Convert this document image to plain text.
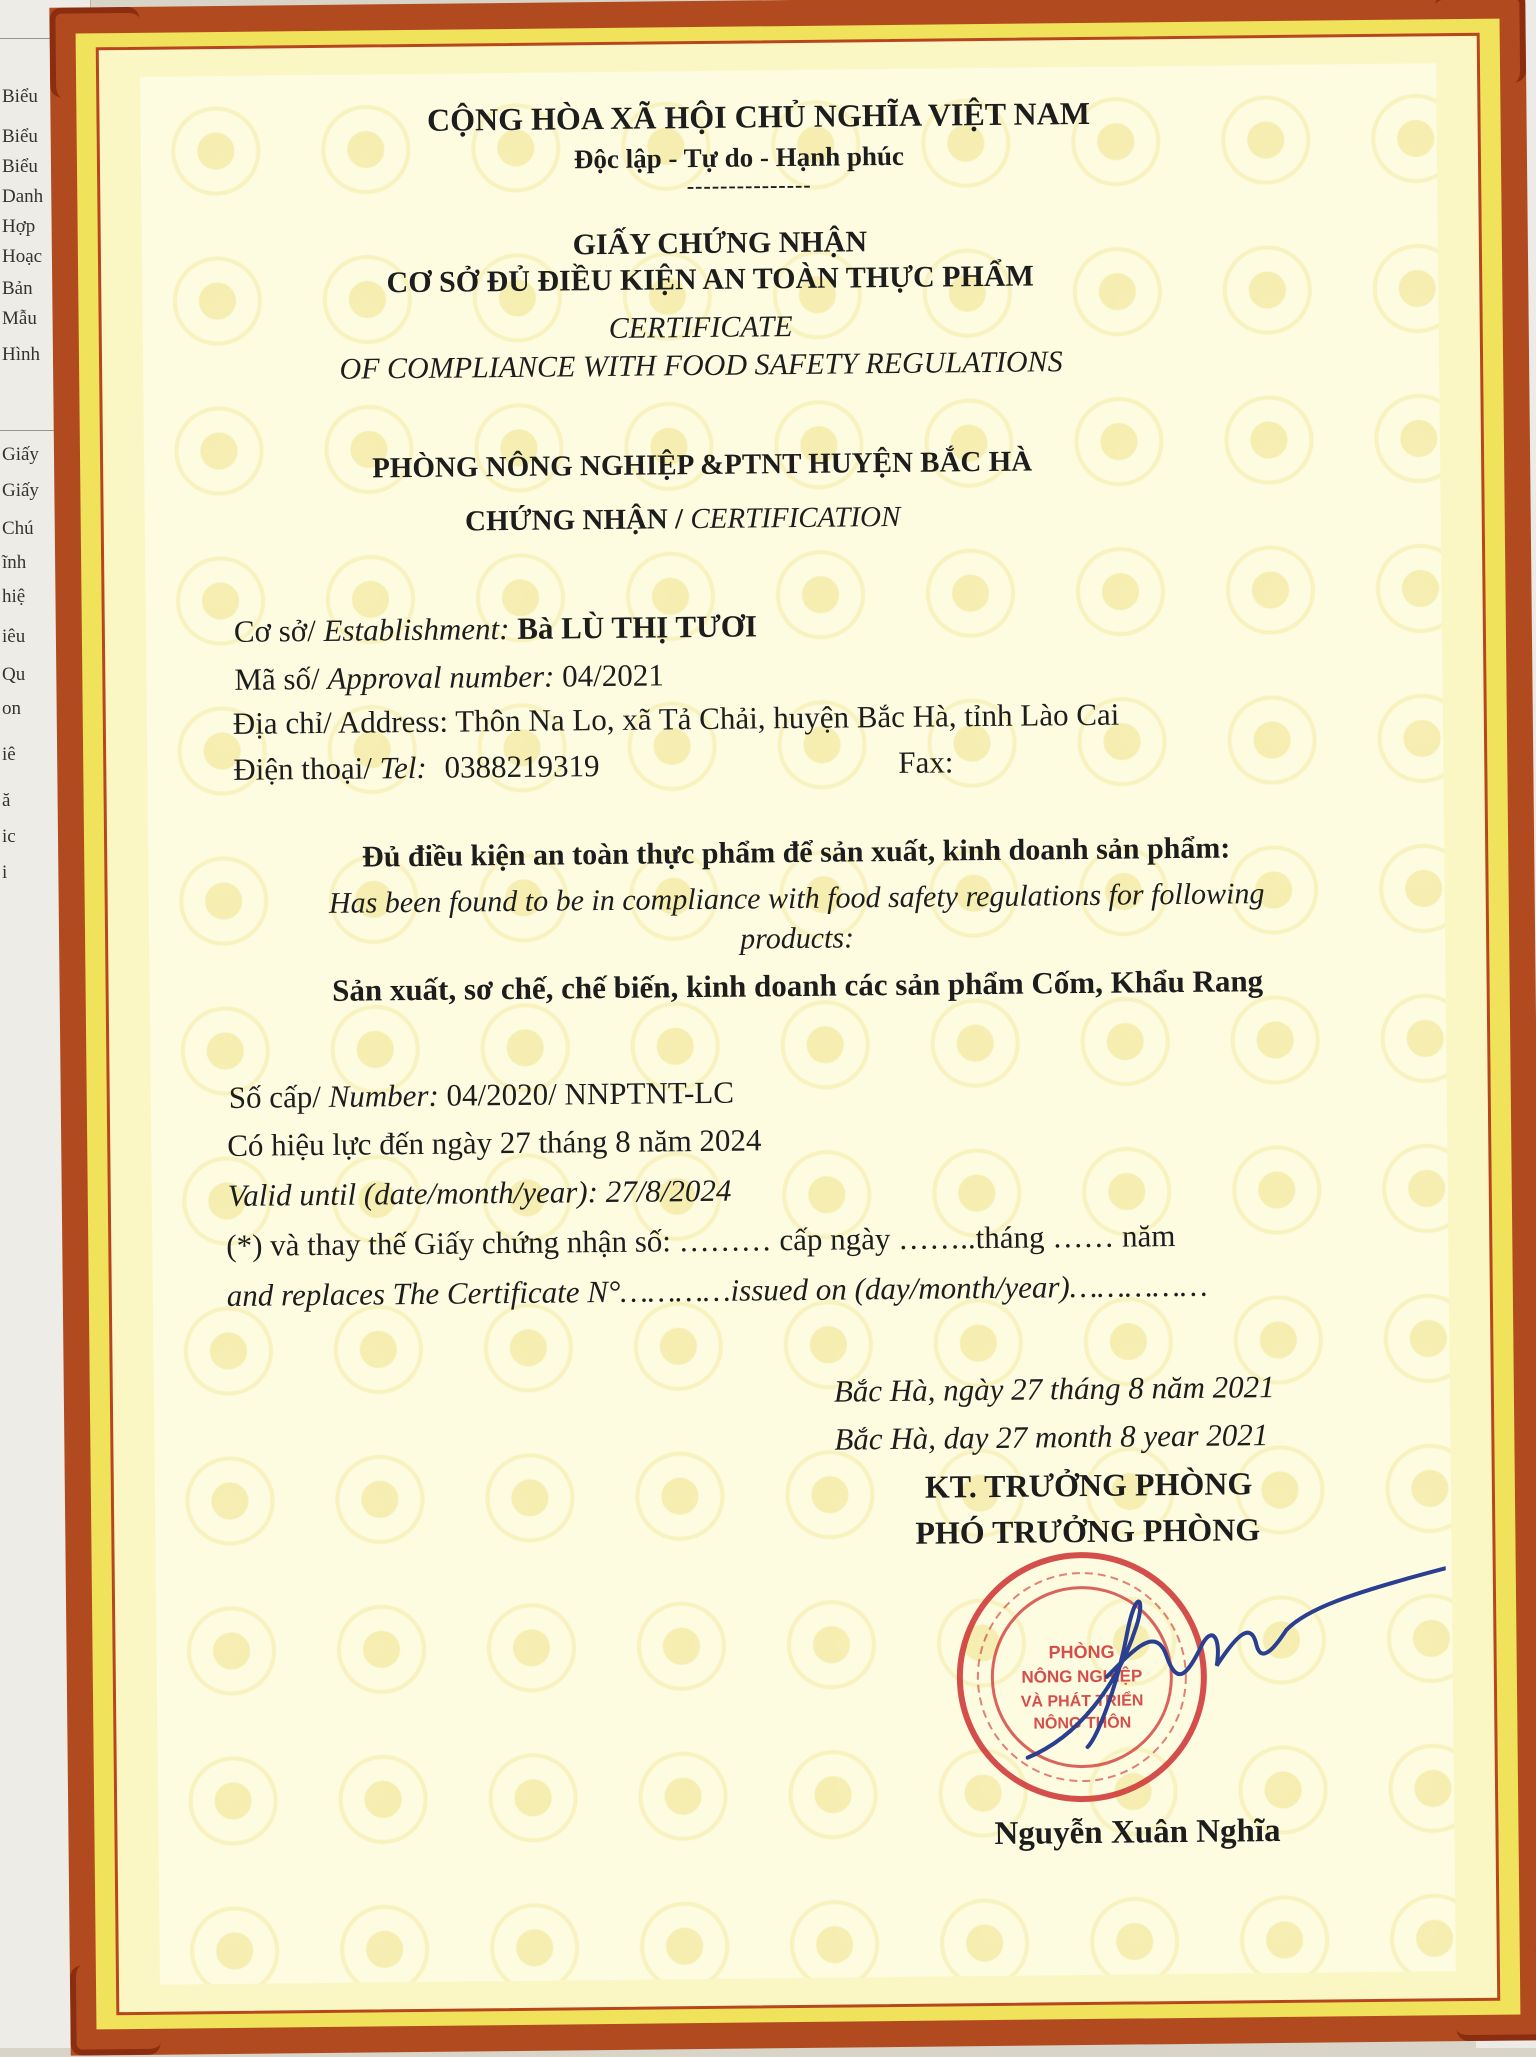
Biểu
Biểu
Biểu
Danh
Hợp
Hoạc
Bản
Mẫu
Hình
Giấy
Giấy
Chú
ĩnh
hiệ
iêu
Qu
on
iê
ă
ic
i
CỘNG HÒA XÃ HỘI CHỦ NGHĨA VIỆT NAM
Độc lập - Tự do - Hạnh phúc
---------------
GIẤY CHỨNG NHẬN
CƠ SỞ ĐỦ ĐIỀU KIỆN AN TOÀN THỰC PHẨM
CERTIFICATE
OF COMPLIANCE WITH FOOD SAFETY REGULATIONS
PHÒNG NÔNG NGHIỆP &PTNT HUYỆN BẮC HÀ
CHỨNG NHẬN / CERTIFICATION
Cơ sở/ Establishment: Bà LÙ THỊ TƯƠI
Mã số/ Approval number: 04/2021
Địa chỉ/ Address: Thôn Na Lo, xã Tả Chải, huyện Bắc Hà, tỉnh Lào Cai
Điện thoại/ Tel: 0388219319	Fax:
Đủ điều kiện an toàn thực phẩm để sản xuất, kinh doanh sản phẩm:
Has been found to be in compliance with food safety regulations for following
products:
Sản xuất, sơ chế, chế biến, kinh doanh các sản phẩm Cốm, Khẩu Rang
Số cấp/ Number: 04/2020/ NNPTNT-LC
Có hiệu lực đến ngày 27 tháng 8 năm 2024
Valid until (date/month/year): 27/8/2024
(*) và thay thế Giấy chứng nhận số: ……… cấp ngày ……..tháng …… năm
and replaces The Certificate N°…………issued on (day/month/year)……………
Bắc Hà, ngày 27 tháng 8 năm 2021
Bắc Hà, day 27 month 8 year 2021
KT. TRƯỞNG PHÒNG
PHÓ TRƯỞNG PHÒNG
PHÒNG
NÔNG NGHIỆP
VÀ PHÁT TRIỂN
NÔNG THÔN
Nguyễn Xuân Nghĩa
